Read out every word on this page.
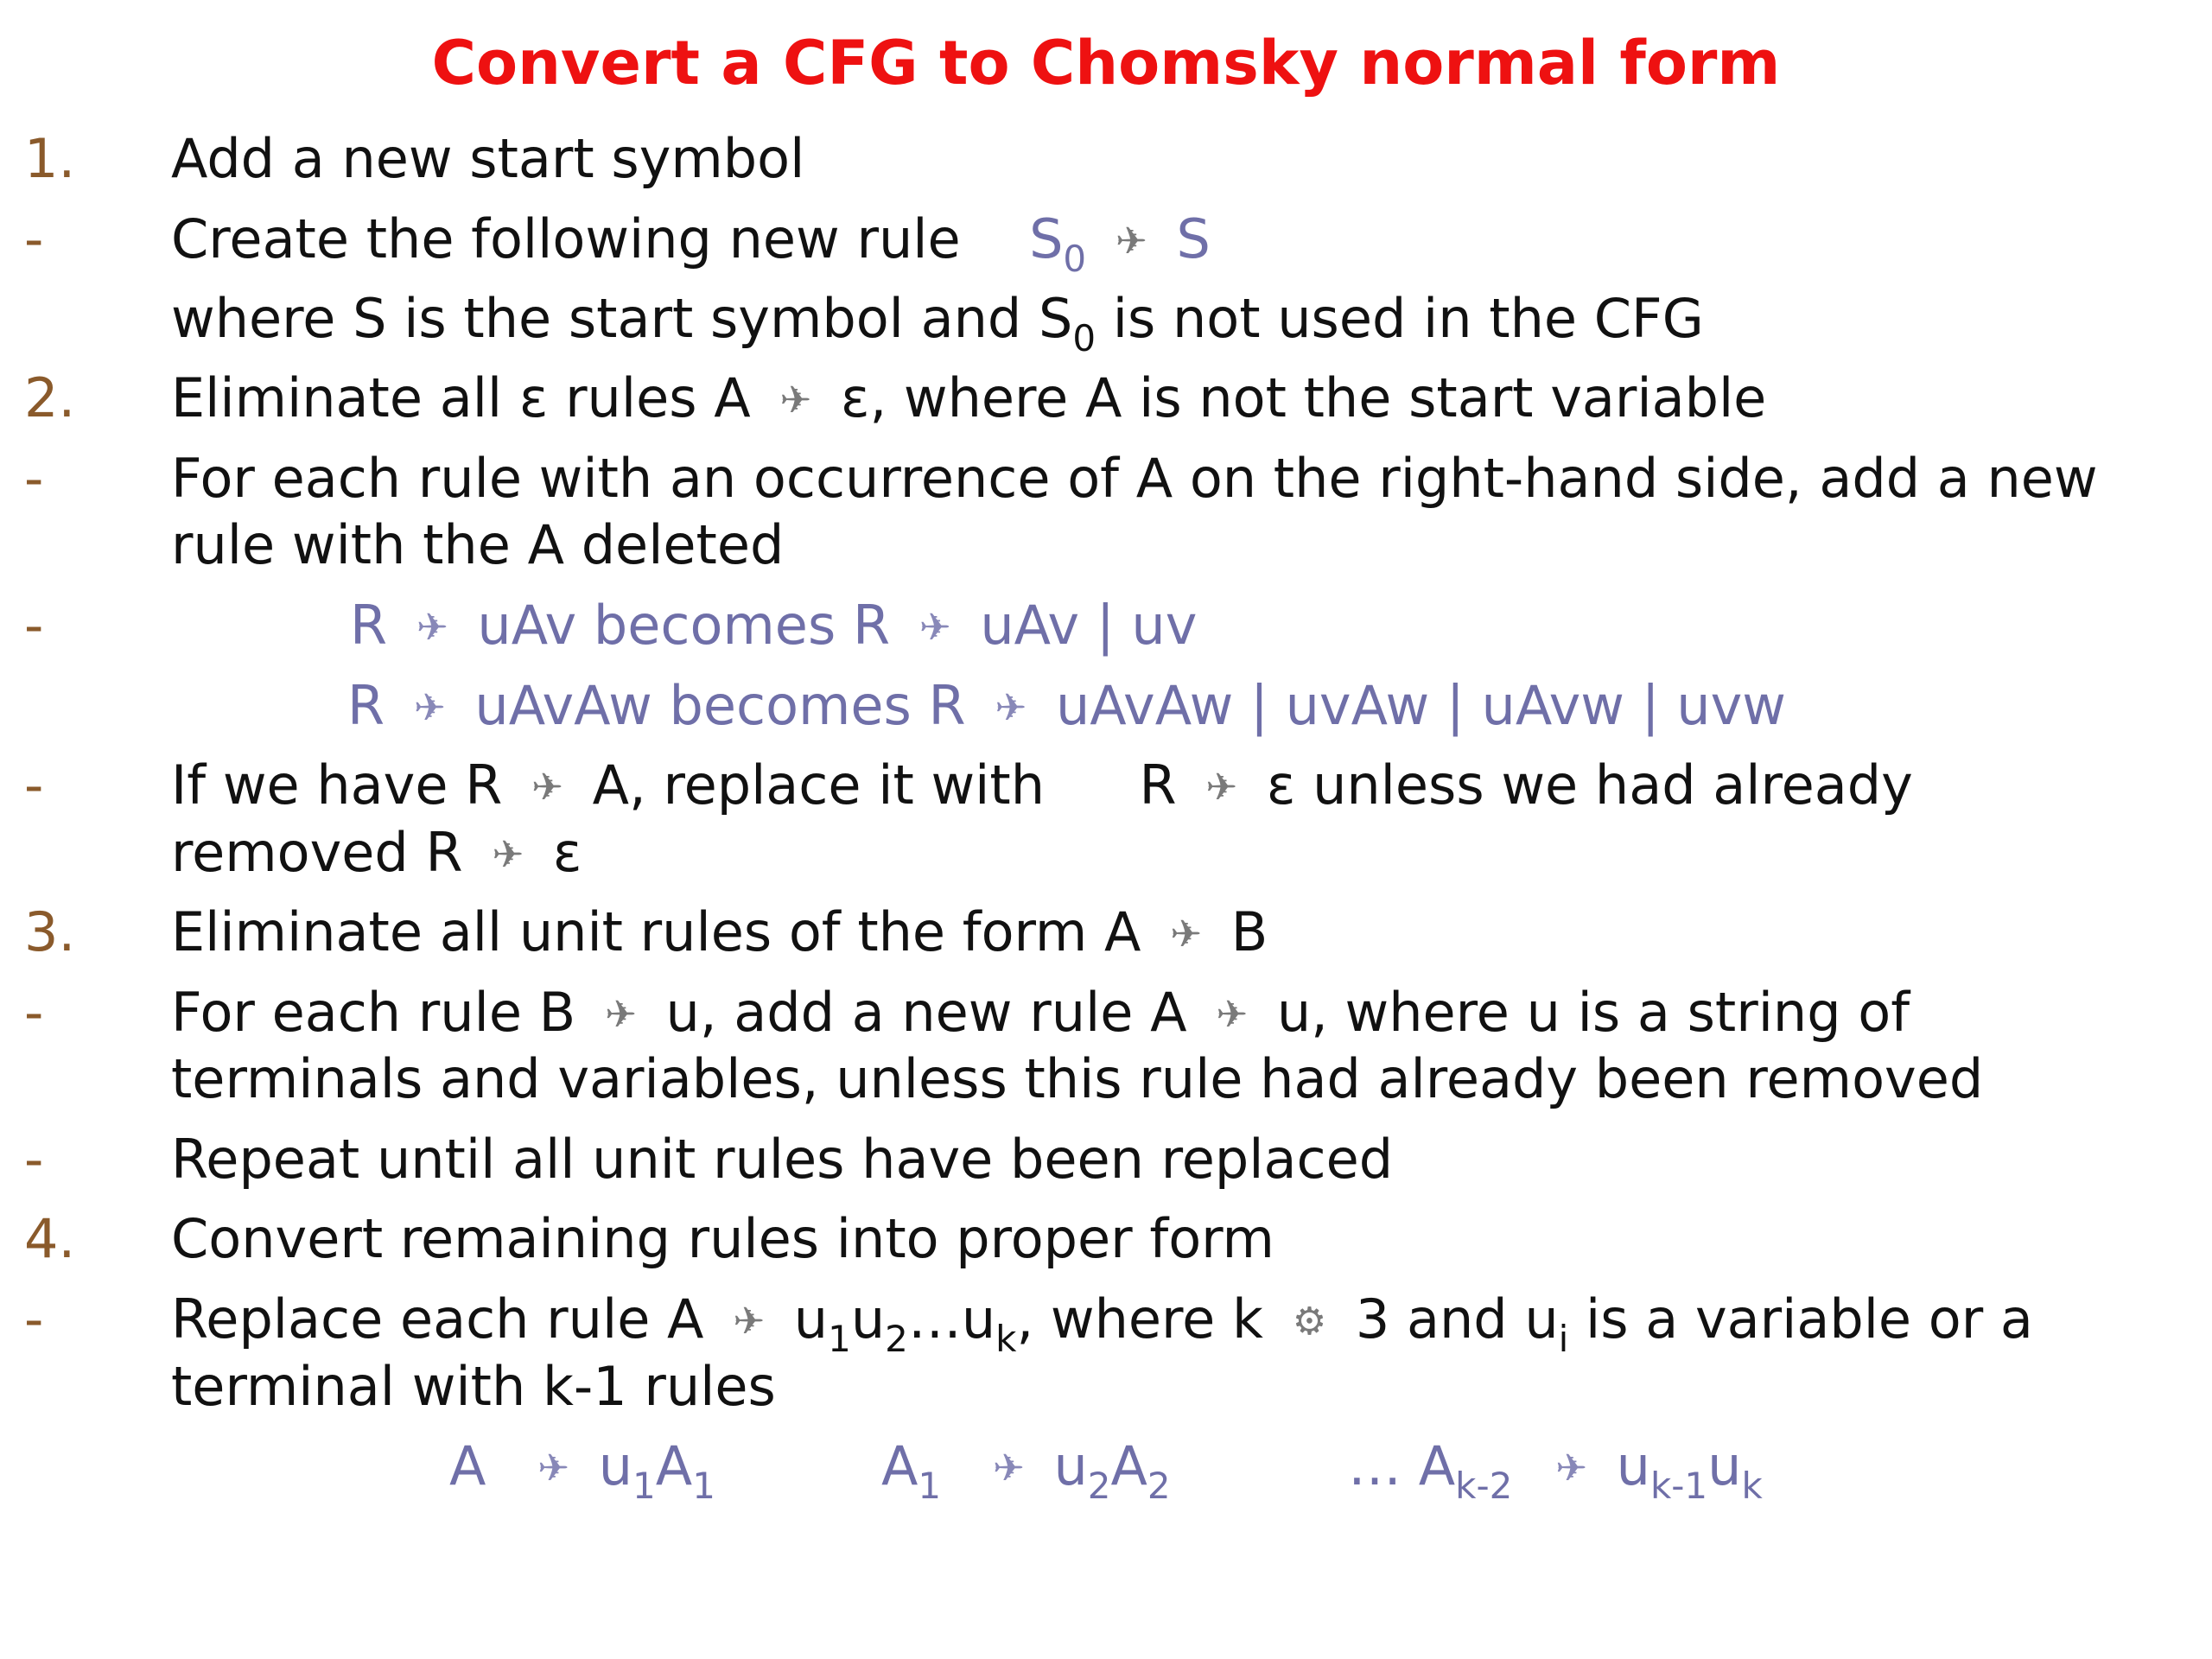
Convert a CFG to Chomsky normal form
1. Add a new start symbol
- Create the following new rule $S_0$ ✈ S
where S is the start symbol and $S_0$ is not used in the CFG
2. Eliminate all ε rules A ✈ ε, where A is not the start variable
- For each rule with an occurrence of A on the right-hand side, add a new
rule with the A deleted
-	R ✈ uAv becomes R ✈ uAv | uv
R ✈ uAvAw becomes R ✈ uAvAw | uvAw | uAvw | uvw
- If we have R ✈ A, replace it with R ✈ ε unless we had already
removed R ✈ ε
3. Eliminate all unit rules of the form A ✈ B
- For each rule B ✈ u, add a new rule A ✈ u, where u is a string of
terminals and variables, unless this rule had already been removed
- Repeat until all unit rules have been replaced
4. Convert remaining rules into proper form
- Replace each rule A ✈ $u_1u_2\dots u_k$, where k ⚙ 3 and $u_i$ is a variable or a
terminal with k-1 rules
A ✈ $u_1A_1$	$A_1$ ✈ $u_2A_2$	… $A_{k-2}$ ✈ $u_{k-1}u_k$
